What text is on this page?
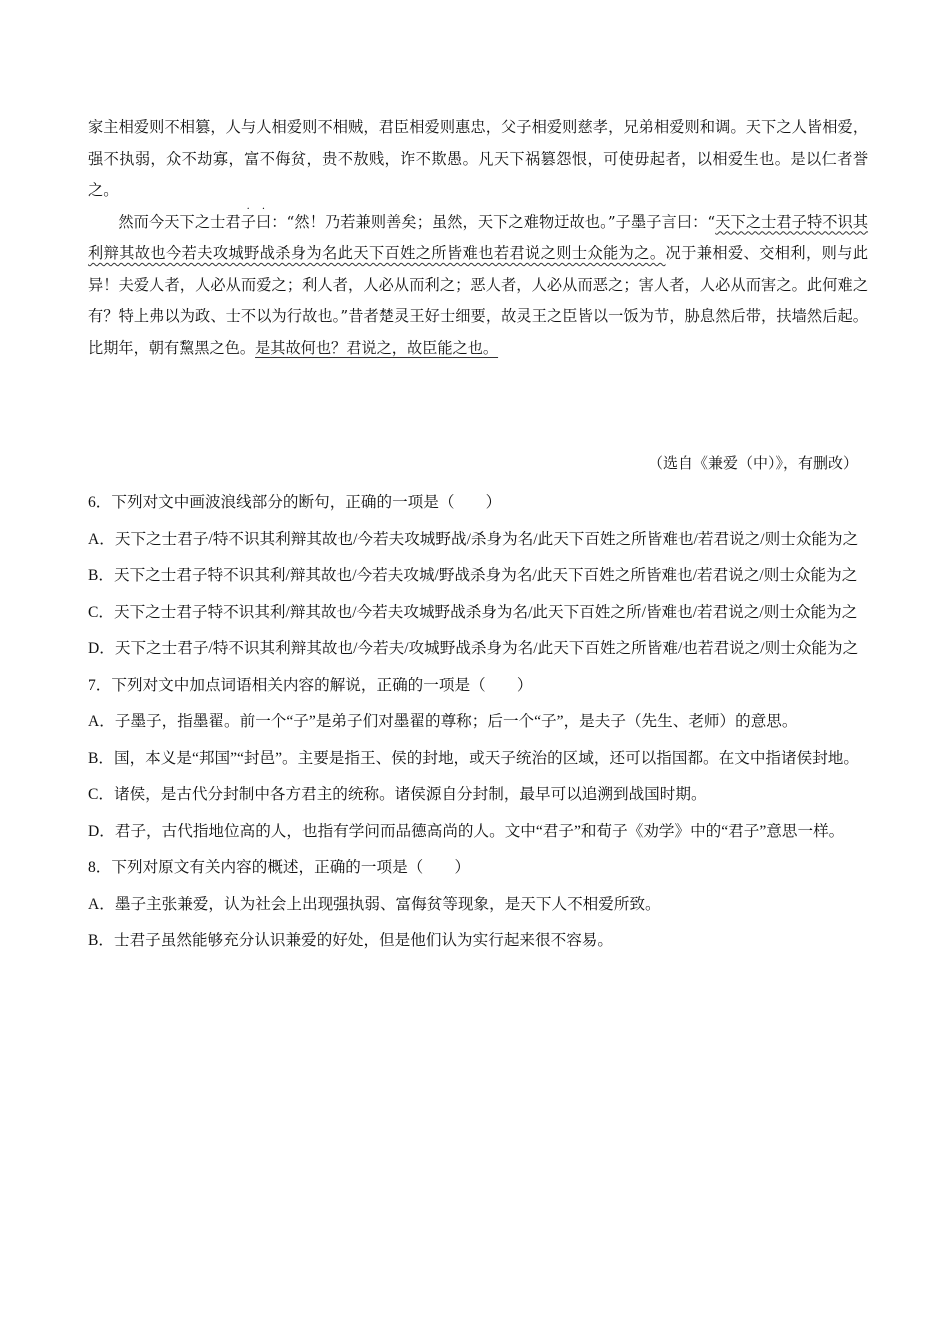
家主相爱则不相篡，人与人相爱则不相贼，君臣相爱则惠忠，父子相爱则慈孝，兄弟相爱则和调。天下之人皆相爱，强不执弱，众不劫寡，富不侮贫，贵不敖贱，诈不欺愚。凡天下祸篡怨恨，可使毋起者，以相爱生也。是以仁者誉之。

然而今天下之士
·
君
·
子曰：“然！乃若兼则善矣；虽然，天下之难物迂故也。”子墨子言曰：“天下之士君子特不识其利辩其故也今若夫攻城野战杀身为名此天下百姓之所皆难也若君说之则士众能为之。况于兼相爱、交相利，则与此异！夫爱人者，人必从而爱之；利人者，人必从而利之；恶人者，人必从而恶之；害人者，人必从而害之。此何难之有？特上弗以为政、士不以为行故也。”昔者楚灵王好士细要，故灵王之臣皆以一饭为节，胁息然后带，扶墙然后起。比期年，朝有黧黑之色。是其故何也？君说之，故臣能之也。

（选自《兼爱（中）》，有删改）

6．下列对文中画波浪线部分的断句，正确的一项是（　　）

A．天下之士君子/特不识其利辩其故也/今若夫攻城野战/杀身为名/此天下百姓之所皆难也/若君说之/则士众能为之

B．天下之士君子特不识其利/辩其故也/今若夫攻城/野战杀身为名/此天下百姓之所皆难也/若君说之/则士众能为之

C．天下之士君子特不识其利/辩其故也/今若夫攻城野战杀身为名/此天下百姓之所/皆难也/若君说之/则士众能为之

D．天下之士君子/特不识其利辩其故也/今若夫/攻城野战杀身为名/此天下百姓之所皆难/也若君说之/则士众能为之

7．下列对文中加点词语相关内容的解说，正确的一项是（　　）

A．子墨子，指墨翟。前一个“子”是弟子们对墨翟的尊称；后一个“子”，是夫子（先生、老师）的意思。

B．国，本义是“邦国”“封邑”。主要是指王、侯的封地，或天子统治的区域，还可以指国都。在文中指诸侯封地。

C．诸侯，是古代分封制中各方君主的统称。诸侯源自分封制，最早可以追溯到战国时期。

D．君子，古代指地位高的人，也指有学问而品德高尚的人。文中“君子”和荀子《劝学》中的“君子”意思一样。

8．下列对原文有关内容的概述，正确的一项是（　　）

A．墨子主张兼爱，认为社会上出现强执弱、富侮贫等现象，是天下人不相爱所致。

B．士君子虽然能够充分认识兼爱的好处，但是他们认为实行起来很不容易。
